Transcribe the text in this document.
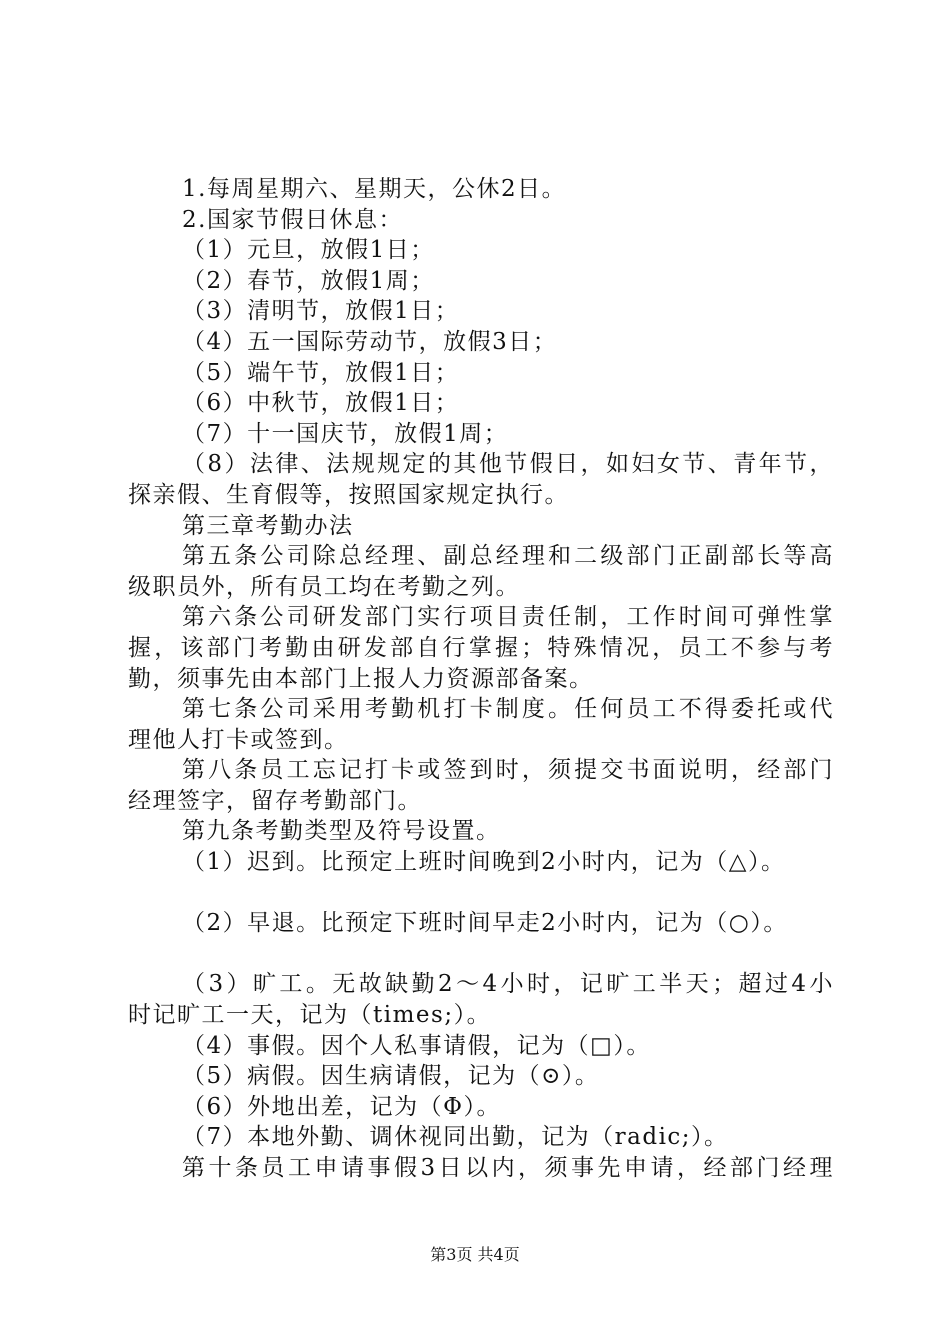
1.每周星期六、星期天，公休2日。
2.国家节假日休息：
（1）元旦，放假1日；
（2）春节，放假1周；
（3）清明节，放假1日；
（4）五一国际劳动节，放假3日；
（5）端午节，放假1日；
（6）中秋节，放假1日；
（7）十一国庆节，放假1周；
（8）法律、法规规定的其他节假日，如妇女节、青年节，
探亲假、生育假等，按照国家规定执行。
第三章考勤办法
第五条公司除总经理、副总经理和二级部门正副部长等高
级职员外，所有员工均在考勤之列。
第六条公司研发部门实行项目责任制，工作时间可弹性掌
握，该部门考勤由研发部自行掌握；特殊情况，员工不参与考
勤，须事先由本部门上报人力资源部备案。
第七条公司采用考勤机打卡制度。任何员工不得委托或代
理他人打卡或签到。
第八条员工忘记打卡或签到时，须提交书面说明，经部门
经理签字，留存考勤部门。
第九条考勤类型及符号设置。
（1）迟到。比预定上班时间晚到2小时内，记为（△）。
（2）早退。比预定下班时间早走2小时内，记为（○）。
（3）旷工。无故缺勤2～4小时，记旷工半天；超过4小
时记旷工一天，记为（times;）。
（4）事假。因个人私事请假，记为（□）。
（5）病假。因生病请假，记为（⊙）。
（6）外地出差，记为（Φ）。
（7）本地外勤、调休视同出勤，记为（radic;）。
第十条员工申请事假3日以内，须事先申请，经部门经理
第3页 共4页
